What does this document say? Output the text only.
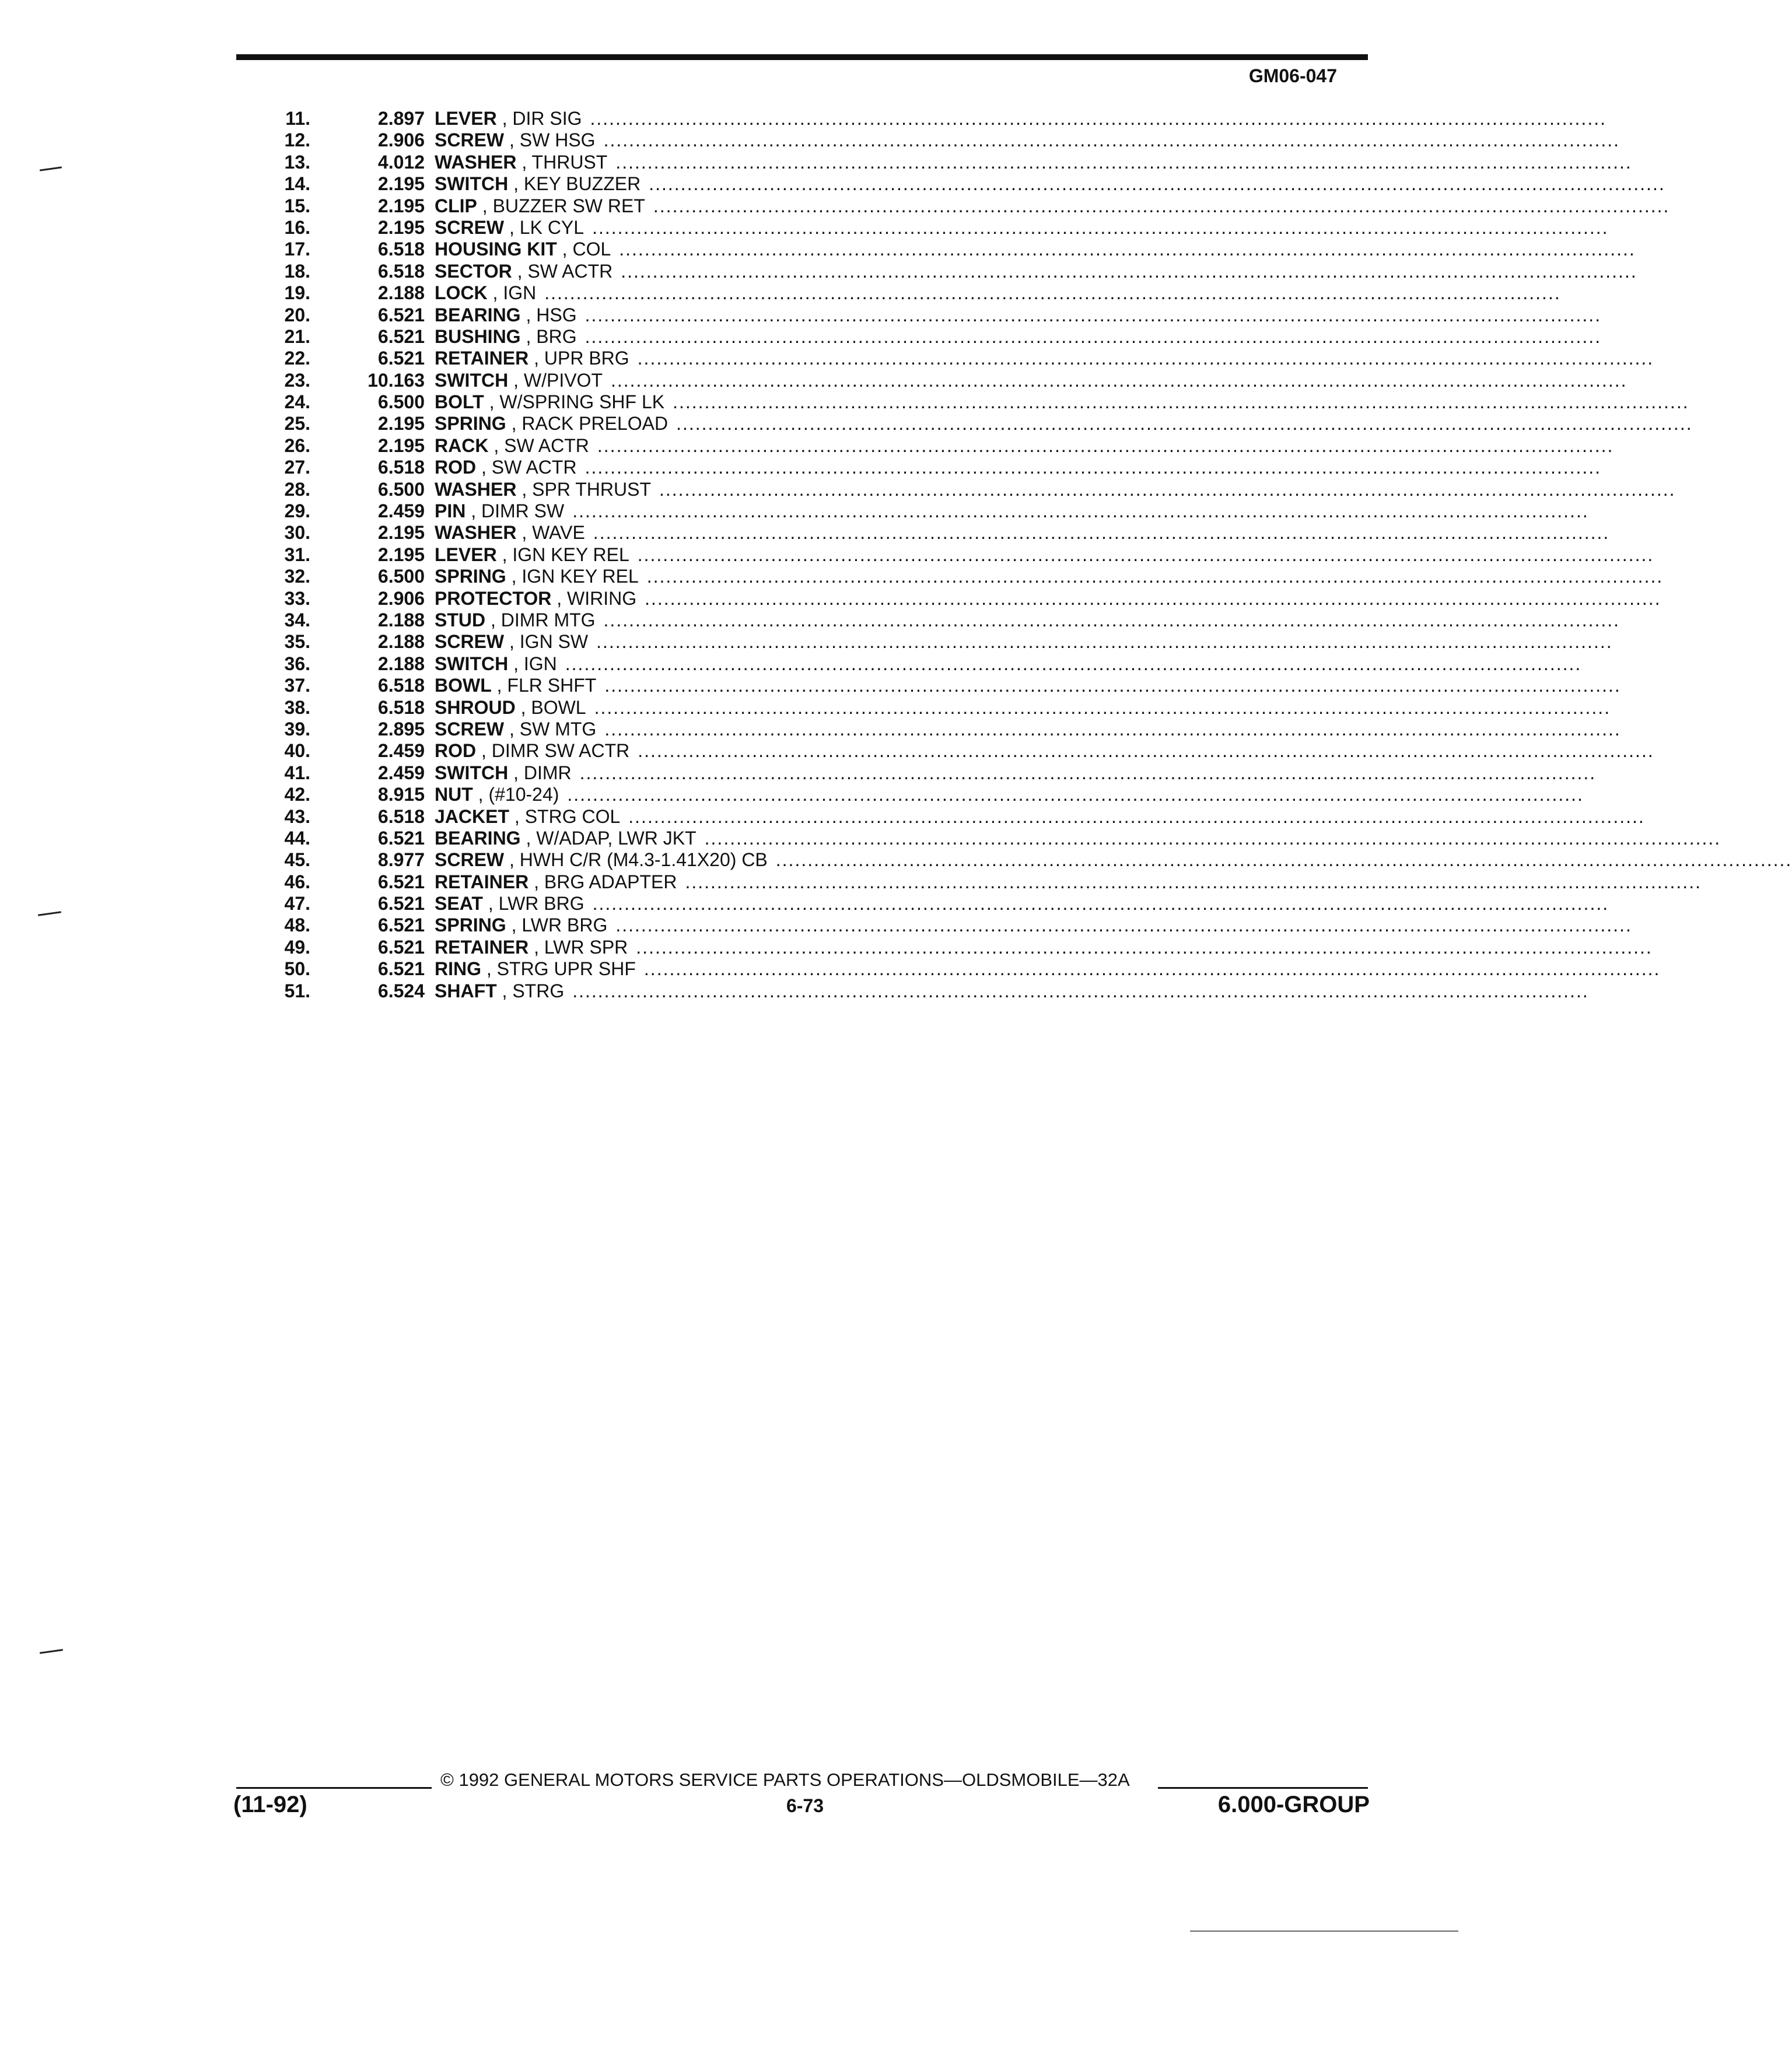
GM06-047
11.	2.897 LEVER , DIR SIG ................................................................................................................................................................
12.	2.906 SCREW , SW HSG ................................................................................................................................................................
13.	4.012 WASHER , THRUST ................................................................................................................................................................
14.	2.195 SWITCH , KEY BUZZER ................................................................................................................................................................
15.	2.195 CLIP , BUZZER SW RET ................................................................................................................................................................
16.	2.195 SCREW , LK CYL ................................................................................................................................................................
17.	6.518 HOUSING KIT , COL ................................................................................................................................................................
18.	6.518 SECTOR , SW ACTR ................................................................................................................................................................
19.	2.188 LOCK , IGN ................................................................................................................................................................
20.	6.521 BEARING , HSG ................................................................................................................................................................
21.	6.521 BUSHING , BRG ................................................................................................................................................................
22.	6.521 RETAINER , UPR BRG ................................................................................................................................................................
23.	10.163 SWITCH , W/PIVOT ................................................................................................................................................................
24.	6.500 BOLT , W/SPRING SHF LK ................................................................................................................................................................
25.	2.195 SPRING , RACK PRELOAD ................................................................................................................................................................
26.	2.195 RACK , SW ACTR ................................................................................................................................................................
27.	6.518 ROD , SW ACTR ................................................................................................................................................................
28.	6.500 WASHER , SPR THRUST ................................................................................................................................................................
29.	2.459 PIN , DIMR SW ................................................................................................................................................................
30.	2.195 WASHER , WAVE ................................................................................................................................................................
31.	2.195 LEVER , IGN KEY REL ................................................................................................................................................................
32.	6.500 SPRING , IGN KEY REL ................................................................................................................................................................
33.	2.906 PROTECTOR , WIRING ................................................................................................................................................................
34.	2.188 STUD , DIMR MTG ................................................................................................................................................................
35.	2.188 SCREW , IGN SW ................................................................................................................................................................
36.	2.188 SWITCH , IGN ................................................................................................................................................................
37.	6.518 BOWL , FLR SHFT ................................................................................................................................................................
38.	6.518 SHROUD , BOWL ................................................................................................................................................................
39.	2.895 SCREW , SW MTG ................................................................................................................................................................
40.	2.459 ROD , DIMR SW ACTR ................................................................................................................................................................
41.	2.459 SWITCH , DIMR ................................................................................................................................................................
42.	8.915 NUT , (#10-24) ................................................................................................................................................................
43.	6.518 JACKET , STRG COL ................................................................................................................................................................
44.	6.521 BEARING , W/ADAP, LWR JKT ................................................................................................................................................................
45.	8.977 SCREW , HWH C/R (M4.3-1.41X20) CB ................................................................................................................................................................
46.	6.521 RETAINER , BRG ADAPTER ................................................................................................................................................................
47.	6.521 SEAT , LWR BRG ................................................................................................................................................................
48.	6.521 SPRING , LWR BRG ................................................................................................................................................................
49.	6.521 RETAINER , LWR SPR ................................................................................................................................................................
50.	6.521 RING , STRG UPR SHF ................................................................................................................................................................
51.	6.524 SHAFT , STRG ................................................................................................................................................................
© 1992 GENERAL MOTORS SERVICE PARTS OPERATIONS—OLDSMOBILE—32A
(11-92)	6-73	6.000-GROUP
